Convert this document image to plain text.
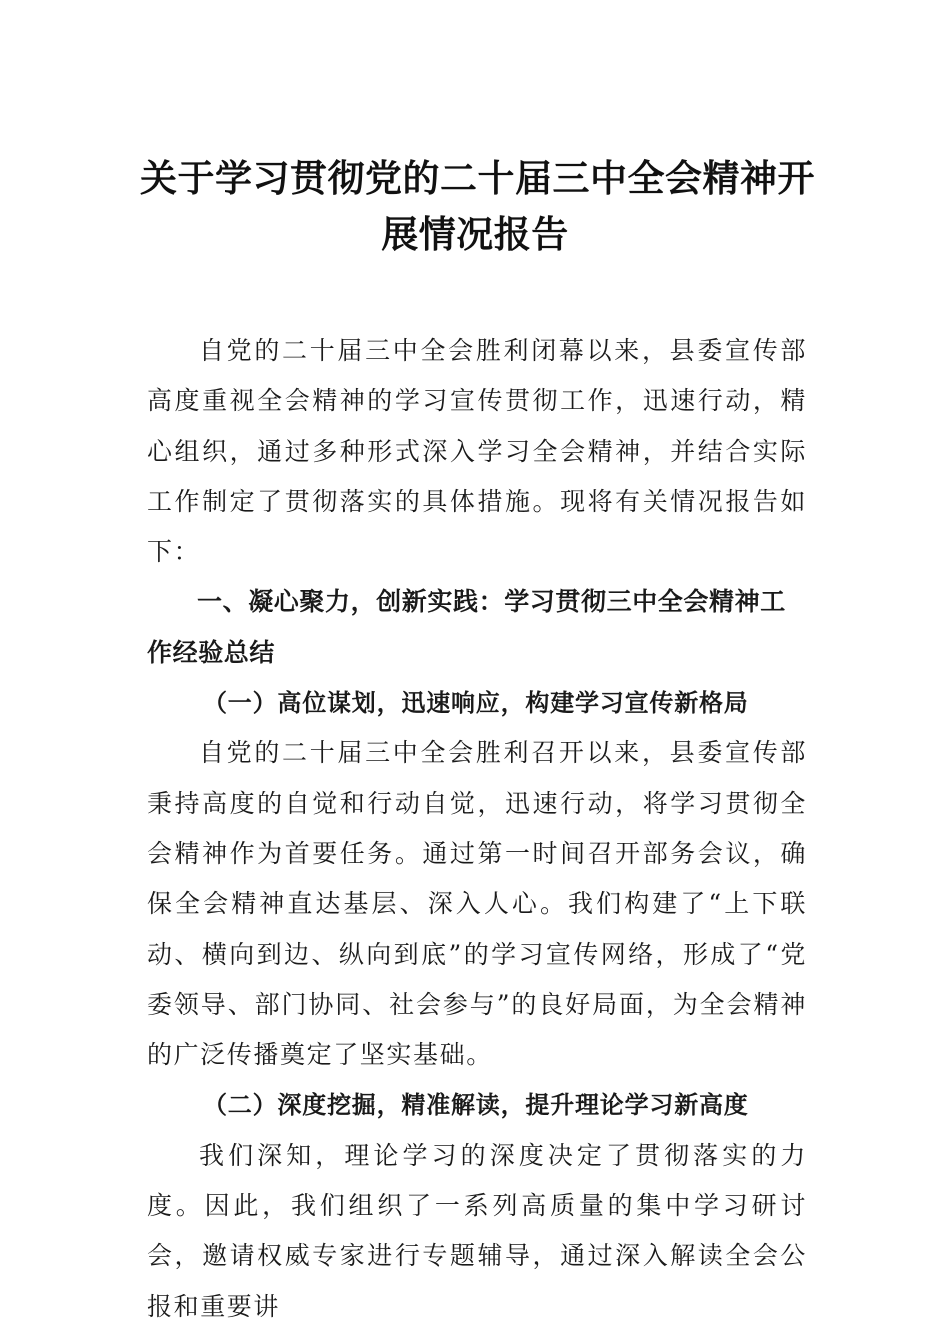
关于学习贯彻党的二十届三中全会精神开
展情况报告

自党的二十届三中全会胜利闭幕以来，县委宣传部高度重视全会精神的学习宣传贯彻工作，迅速行动，精心组织，通过多种形式深入学习全会精神，并结合实际工作制定了贯彻落实的具体措施。现将有关情况报告如下：

一、凝心聚力，创新实践：学习贯彻三中全会精神工作经验总结

（一）高位谋划，迅速响应，构建学习宣传新格局

自党的二十届三中全会胜利召开以来，县委宣传部秉持高度的自觉和行动自觉，迅速行动，将学习贯彻全会精神作为首要任务。通过第一时间召开部务会议，确保全会精神直达基层、深入人心。我们构建了“上下联动、横向到边、纵向到底”的学习宣传网络，形成了“党委领导、部门协同、社会参与”的良好局面，为全会精神的广泛传播奠定了坚实基础。

（二）深度挖掘，精准解读，提升理论学习新高度

我们深知，理论学习的深度决定了贯彻落实的力度。因此，我们组织了一系列高质量的集中学习研讨会，邀请权威专家进行专题辅导，通过深入解读全会公报和重要讲
